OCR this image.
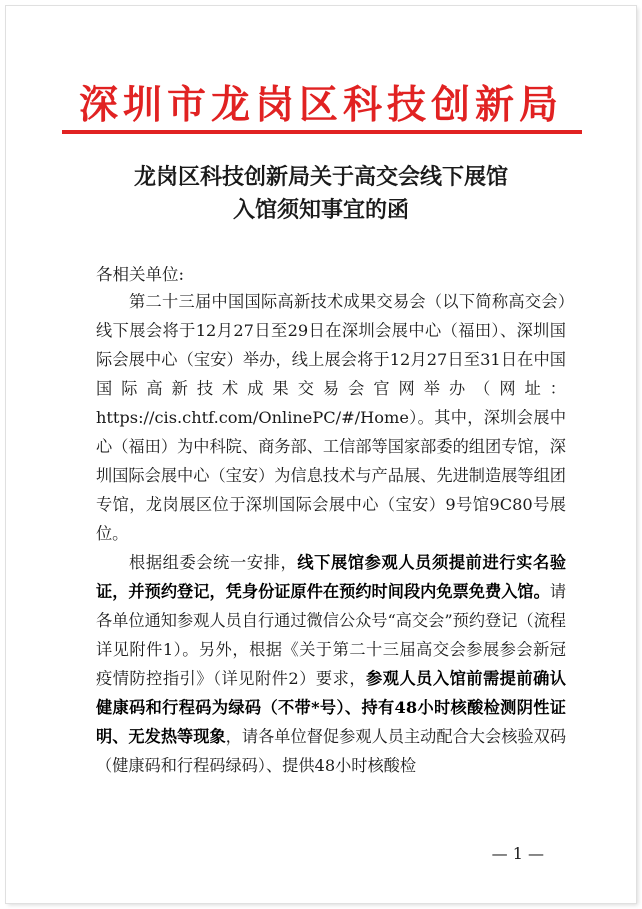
深圳市龙岗区科技创新局
龙岗区科技创新局关于高交会线下展馆
入馆须知事宜的函
各相关单位:

第二十三届中国国际高新技术成果交易会（以下简称高交会）线下展会将于12月27日至29日在深圳会展中心（福田）、深圳国际会展中心（宝安）举办，线上展会将于12月27日至31日在中国国际高新技术成果交易会官网举办（网址：https://cis.chtf.com/OnlinePC/#/Home）。其中，深圳会展中心（福田）为中科院、商务部、工信部等国家部委的组团专馆，深圳国际会展中心（宝安）为信息技术与产品展、先进制造展等组团专馆，龙岗展区位于深圳国际会展中心（宝安）9号馆9C80号展位。

根据组委会统一安排，线下展馆参观人员须提前进行实名验证，并预约登记，凭身份证原件在预约时间段内免票免费入馆。请各单位通知参观人员自行通过微信公众号“高交会”预约登记（流程详见附件1）。另外，根据《关于第二十三届高交会参展参会新冠疫情防控指引》（详见附件2）要求，参观人员入馆前需提前确认健康码和行程码为绿码（不带*号）、持有48小时核酸检测阴性证明、无发热等现象，请各单位督促参观人员主动配合大会核验双码（健康码和行程码绿码）、提供48小时核酸检

— 1 —
